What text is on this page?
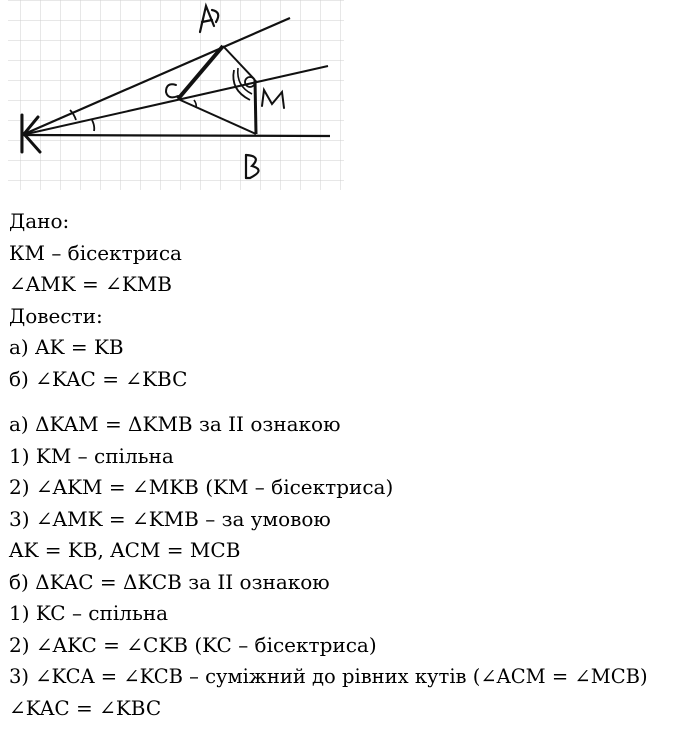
Дано:
КМ – бісектриса
∠AMK = ∠KMB
Довести:
а) AK = KB
б) ∠KAC = ∠KBC
а) ΔKAM = ΔKMB за ІІ ознакою
1) KM – спільна
2) ∠AKM = ∠MKB (KM – бісектриса)
3) ∠AMK = ∠KMB – за умовою
AK = KB, ACM = MCB
б) ΔKAC = ΔKCB за ІІ ознакою
1) KC – спільна
2) ∠AKC = ∠CKB (KC – бісектриса)
3) ∠KCA = ∠KCB – суміжний до рівних кутів (∠ACM = ∠MCB)
∠KAC = ∠KBC
